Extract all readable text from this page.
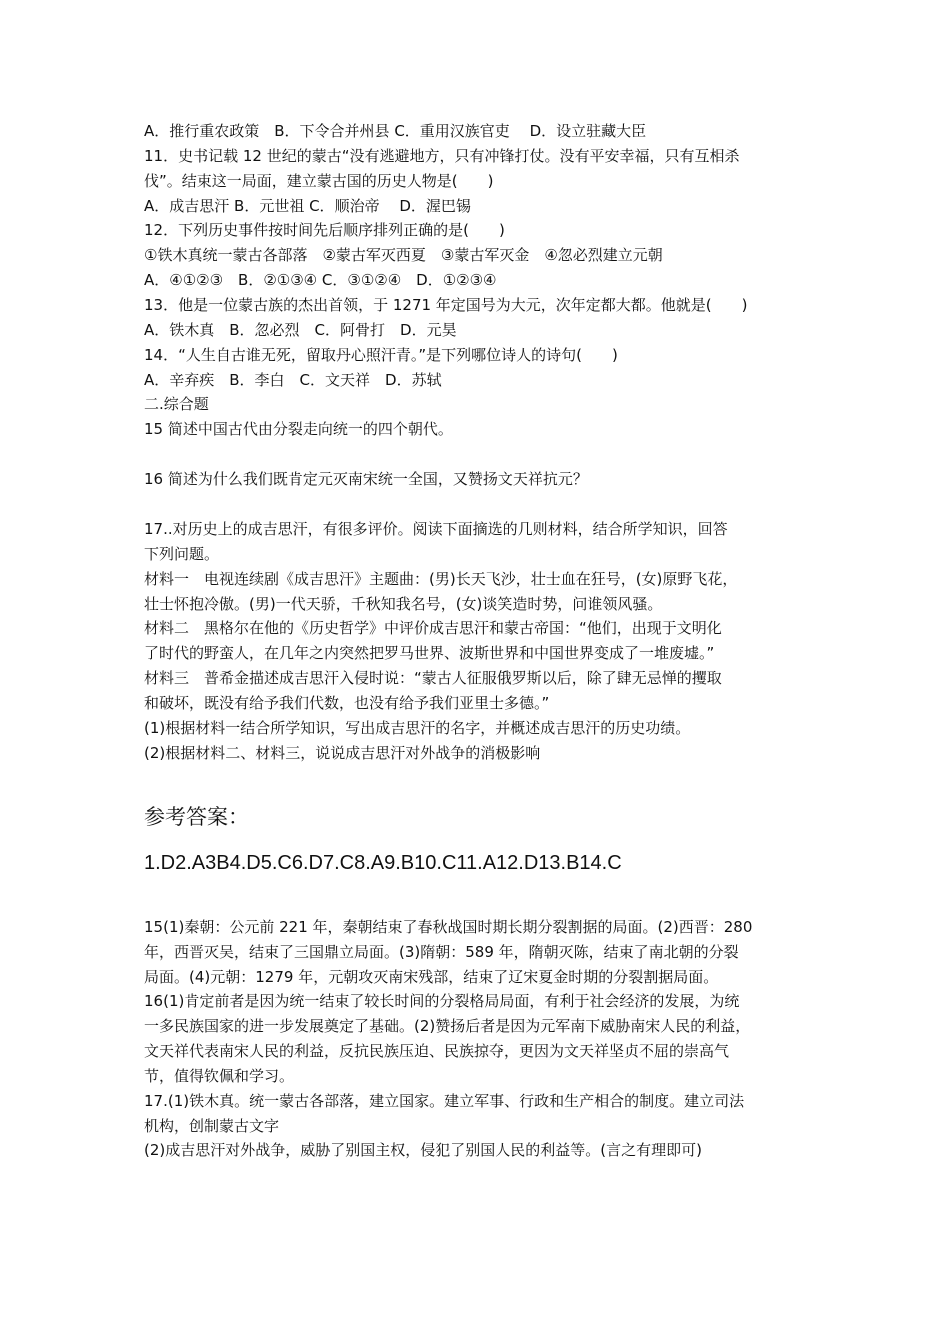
A．推行重农政策　B．下令合并州县 C．重用汉族官吏　 D．设立驻藏大臣
11．史书记载 12 世纪的蒙古“没有逃避地方，只有冲锋打仗。没有平安幸福，只有互相杀
伐”。结束这一局面，建立蒙古国的历史人物是(　　)
A．成吉思汗 B．元世祖 C．顺治帝　 D．渥巴锡
12．下列历史事件按时间先后顺序排列正确的是(　　)
①铁木真统一蒙古各部落　②蒙古军灭西夏　③蒙古军灭金　④忽必烈建立元朝
A．④①②③　B．②①③④ C．③①②④　D．①②③④
13．他是一位蒙古族的杰出首领，于 1271 年定国号为大元，次年定都大都。他就是(　　)
A．铁木真　B．忽必烈　C．阿骨打　D．元昊
14．“人生自古谁无死，留取丹心照汗青。”是下列哪位诗人的诗句(　　)
A．辛弃疾　B．李白　C．文天祥　D．苏轼
二.综合题
15 简述中国古代由分裂走向统一的四个朝代。
16 简述为什么我们既肯定元灭南宋统一全国，又赞扬文天祥抗元？
17..对历史上的成吉思汗，有很多评价。阅读下面摘选的几则材料，结合所学知识，回答
下列问题。
材料一　电视连续剧《成吉思汗》主题曲：(男)长天飞沙，壮士血在狂号，(女)原野飞花，
壮士怀抱冷傲。(男)一代天骄，千秋知我名号，(女)谈笑造时势，问谁领风骚。
材料二　黑格尔在他的《历史哲学》中评价成吉思汗和蒙古帝国：“他们，出现于文明化
了时代的野蛮人，在几年之内突然把罗马世界、波斯世界和中国世界变成了一堆废墟。”
材料三　普希金描述成吉思汗入侵时说：“蒙古人征服俄罗斯以后，除了肆无忌惮的攫取
和破坏，既没有给予我们代数，也没有给予我们亚里士多德。”
(1)根据材料一结合所学知识，写出成吉思汗的名字，并概述成吉思汗的历史功绩。
(2)根据材料二、材料三，说说成吉思汗对外战争的消极影响
参考答案：
1.D2.A3B4.D5.C6.D7.C8.A9.B10.C11.A12.D13.B14.C
15(1)秦朝：公元前 221 年，秦朝结束了春秋战国时期长期分裂割据的局面。(2)西晋：280
年，西晋灭吴，结束了三国鼎立局面。(3)隋朝：589 年，隋朝灭陈，结束了南北朝的分裂
局面。(4)元朝：1279 年，元朝攻灭南宋残部，结束了辽宋夏金时期的分裂割据局面。
16(1)肯定前者是因为统一结束了较长时间的分裂格局局面，有利于社会经济的发展，为统
一多民族国家的进一步发展奠定了基础。(2)赞扬后者是因为元军南下威胁南宋人民的利益，
文天祥代表南宋人民的利益，反抗民族压迫、民族掠夺，更因为文天祥坚贞不屈的崇高气
节，值得钦佩和学习。
17.(1)铁木真。统一蒙古各部落，建立国家。建立军事、行政和生产相合的制度。建立司法
机构，创制蒙古文字
(2)成吉思汗对外战争，威胁了别国主权，侵犯了别国人民的利益等。(言之有理即可)
